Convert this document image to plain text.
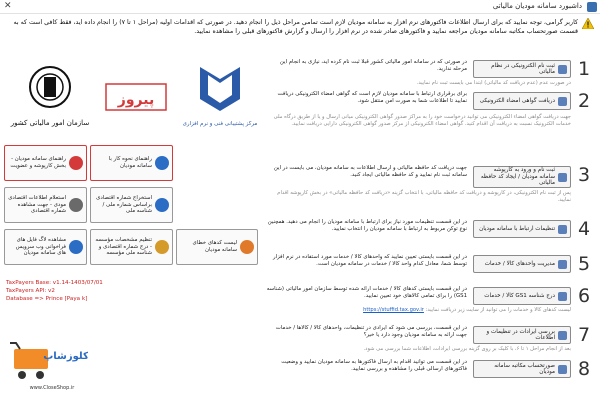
داشبورد سامانه مودیان مالیاتی
✕
کاربر گرامی، توجه نمایید که برای ارسال اطلاعات فاکتورهای نرم افزار به سامانه مودیان لازم است تمامی مراحل ذیل را انجام دهید. در صورتی که اقدامات اولیه (مراحل ۱ تا ۷) را انجام داده اید، فقط کافی است که به قسمت صورتحساب مکاتبه سامانه مودیان مراجعه نمایید و فاکتورهای صادر شده در نرم افزار را ارسال و گزارش فاکتورهای قبلی را مشاهده نمایید.
1
ثبت نام الکترونیکی در نظام مالیاتی
در صورتی که در سامانه امور مالیاتی کشور قبلا ثبت نام کرده اید، نیازی به انجام این مرحله ندارید.
در صورت عدم (عدم دریافت کد مالیاتی) ابتدا می بایست ثبت نام نمایید.
2
دریافت گواهی امضاء الکترونیکی
برای برقراری ارتباط با سامانه مودیان لازم است که گواهی امضاء الکترونیکی دریافت نمایید تا اطلاعات شما به صورت امن منتقل شود.
جهت دریافت گواهی امضاء الکترونیکی می توانید درخواست خود را به مراکز صدور گواهی الکترونیکی میانی ارسال و یا از طریق درگاه ملی خدمات الکترونیک نسبت به دریافت آن اقدام کنید. گواهی امضاء الکترونیکی از مرکز صدور گواهی الکترونیکی دارایی دریافت نمایید.
3
ثبت نام و ورود به کارپوشه سامانه مودیان / ایجاد کد حافظه مالیاتی
جهت دریافت کد حافظه مالیاتی و ارسال اطلاعات به سامانه مودیان، می بایست در این سامانه ثبت نام نمایید و کد حافظه مالیاتی ایجاد کنید.
پس از ثبت نام الکترونیکی، در کارپوشه و دریافت کد حافظه مالیاتی، با انتخاب گزینه «دریافت کد حافظه مالیاتی» در بخش کارپوشه اقدام نمایید.
4
تنظیمات ارتباط با سامانه مودیان
در این قسمت تنظیمات مورد نیاز برای ارتباط با سامانه مودیان را انجام می دهید. همچنین نوع توکن مربوط به ارتباط با سامانه مودیان را انتخاب نمایید.
5
مدیریت واحدهای کالا / خدمات
در این قسمت بایستی تعیین نمایید که واحدهای کالا / خدمات مورد استفاده در نرم افزار توسط شما، معادل کدام واحد کالا / خدمات در سامانه مودیان است.
6
درج شناسه GS1 کالا / خدمات
در این قسمت بایستی کدهای کالا / خدمات ارائه شده توسط سازمان امور مالیاتی (شناسه GS1) را برای تمامی کالاهای خود تعیین نمایید.
لیست کدهای کالا و خدمات را می توانید از سایت زیر دریافت نمایید: https://stuffid.tax.gov.ir
7
بررسی ایرادات در تنظیمات و اطلاعات
در این قسمت، بررسی می شود که ایرادی در تنظیمات، واحدهای کالا / کالاها / خدمات جهت ارائه به سامانه مودیان وجود دارد یا خیر؟
بعد از انجام مراحل ۱ تا ۶، با کلیک بر روی گزینه بررسی ایرادات، اطلاعات شما بررسی می شود.
8
صورتحساب مکاتبه سامانه مودیان
در این قسمت می توانید اقدام به ارسال فاکتورها به سامانه مودیان نمایید و وضعیت فاکتورهای ارسالی قبلی را مشاهده و بررسی نمایید.
سازمان امور مالیاتی کشور
پیروز
مرکز پشتیبانی فنی و نرم افزاری
راهنمای سامانه مودیان - بخش کارپوشه و عضویت
راهنمای نحوه کار با سامانه مودیان
استعلام اطلاعات اقتصادی مودی - جهت مشاهده شماره اقتصادی
استخراج شماره اقتصادی براساس شماره ملی / شناسه ملی
مشاهده لاگ فایل های فراخوانی وب سرویس های سامانه مودیان
تنظیم مشخصات مؤسسه - درج شماره اقتصادی و شناسه ملی مؤسسه
لیست کدهای خطای سامانه مودیان
TaxPayers Base: v1.14-1403/07/01
TaxPayers API: v2
Database => Prince [Paya k]
کلوزشاپ
www.CloseShop.ir
